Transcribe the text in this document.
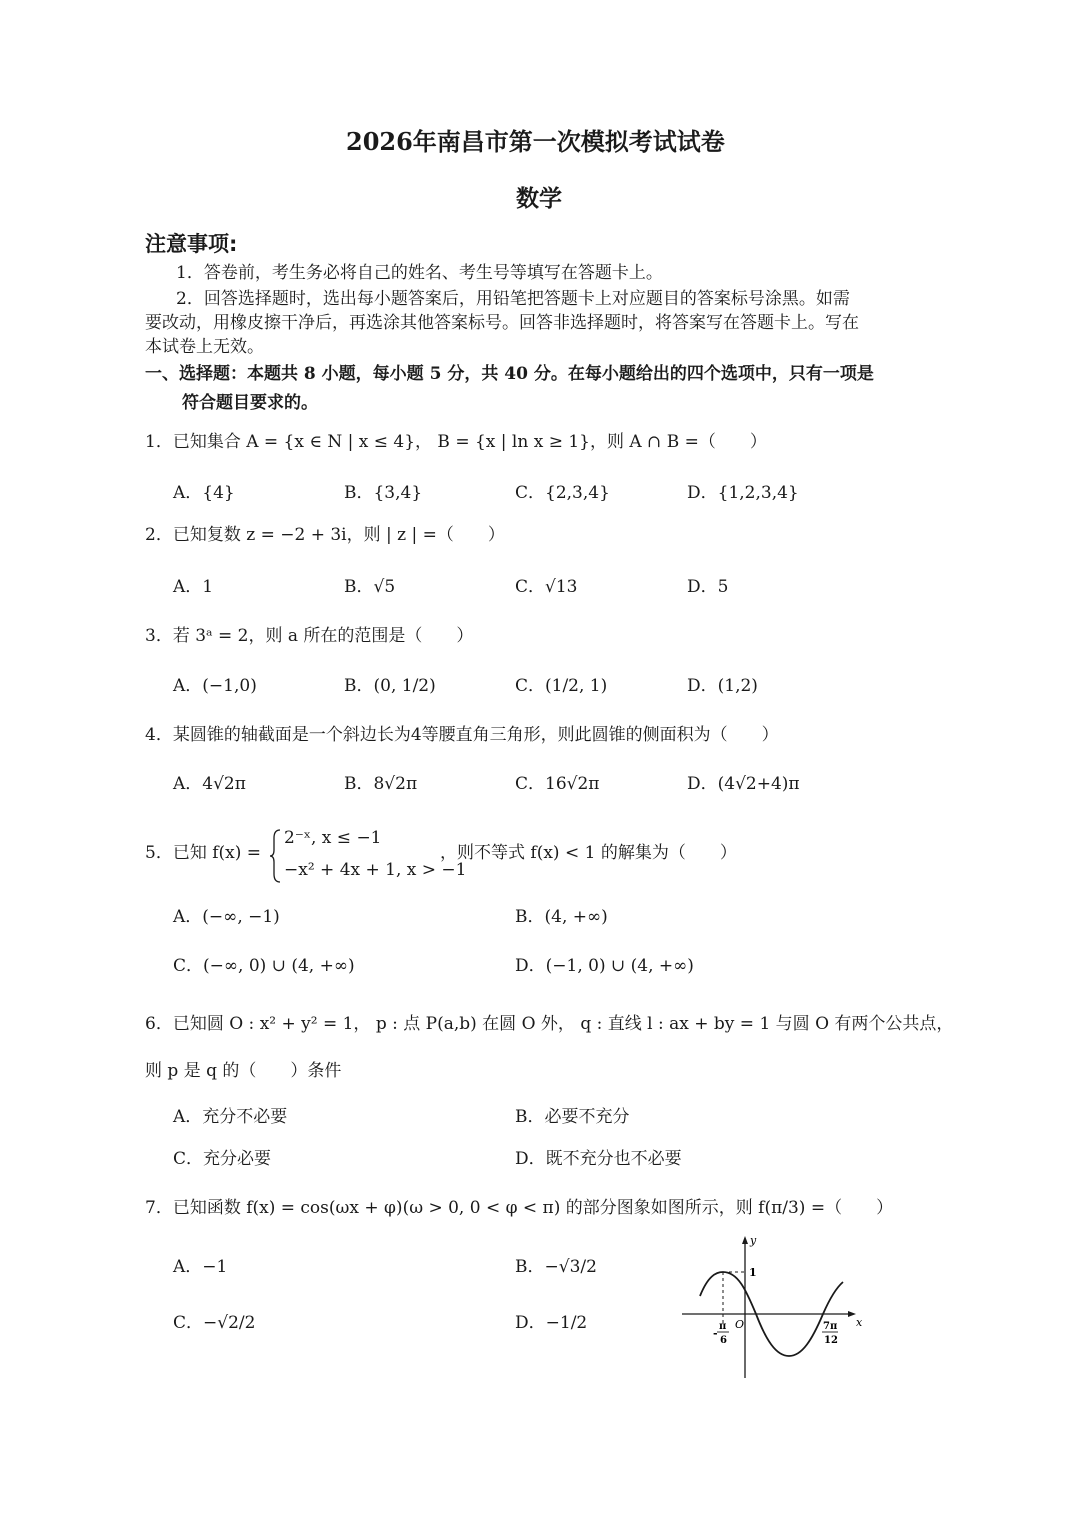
2026年南昌市第一次模拟考试试卷
数学
注意事项:
1．答卷前，考生务必将自己的姓名、考生号等填写在答题卡上。
2．回答选择题时，选出每小题答案后，用铅笔把答题卡上对应题目的答案标号涂黑。如需
要改动，用橡皮擦干净后，再选涂其他答案标号。回答非选择题时，将答案写在答题卡上。写在
本试卷上无效。
一、选择题：本题共 8 小题，每小题 5 分，共 40 分。在每小题给出的四个选项中，只有一项是
符合题目要求的。
1．已知集合 A = {x ∈ N | x ≤ 4}， B = {x | ln x ≥ 1}，则 A ∩ B =（　　）
A．{4}	B．{3,4}	C．{2,3,4}	D．{1,2,3,4}
2．已知复数 z = −2 + 3i，则 | z | =（　　）
A．1	B．√5	C．√13	D．5
3．若 3ᵃ = 2，则 a 所在的范围是（　　）
A．(−1,0)	B．(0, 1/2)	C．(1/2, 1)	D．(1,2)
4．某圆锥的轴截面是一个斜边长为4等腰直角三角形，则此圆锥的侧面积为（　　）
A．4√2π	B．8√2π	C．16√2π	D．(4√2+4)π
5．已知 f(x) =
2⁻ˣ, x ≤ −1
−x² + 4x + 1, x > −1
，则不等式 f(x) < 1 的解集为（　　）
A．(−∞, −1)	B．(4, +∞)
C．(−∞, 0) ∪ (4, +∞)	D．(−1, 0) ∪ (4, +∞)
6．已知圆 O : x² + y² = 1， p : 点 P(a,b) 在圆 O 外， q : 直线 l : ax + by = 1 与圆 O 有两个公共点，
则 p 是 q 的（　　）条件
A．充分不必要	B．必要不充分
C．充分必要	D．既不充分也不必要
7．已知函数 f(x) = cos(ωx + φ)(ω > 0, 0 < φ < π) 的部分图象如图所示，则 f(π/3) =（　　）
A．−1	B．−√3/2
C．−√2/2	D．−1/2
y
x
O
1
-
π
6
7π
12
